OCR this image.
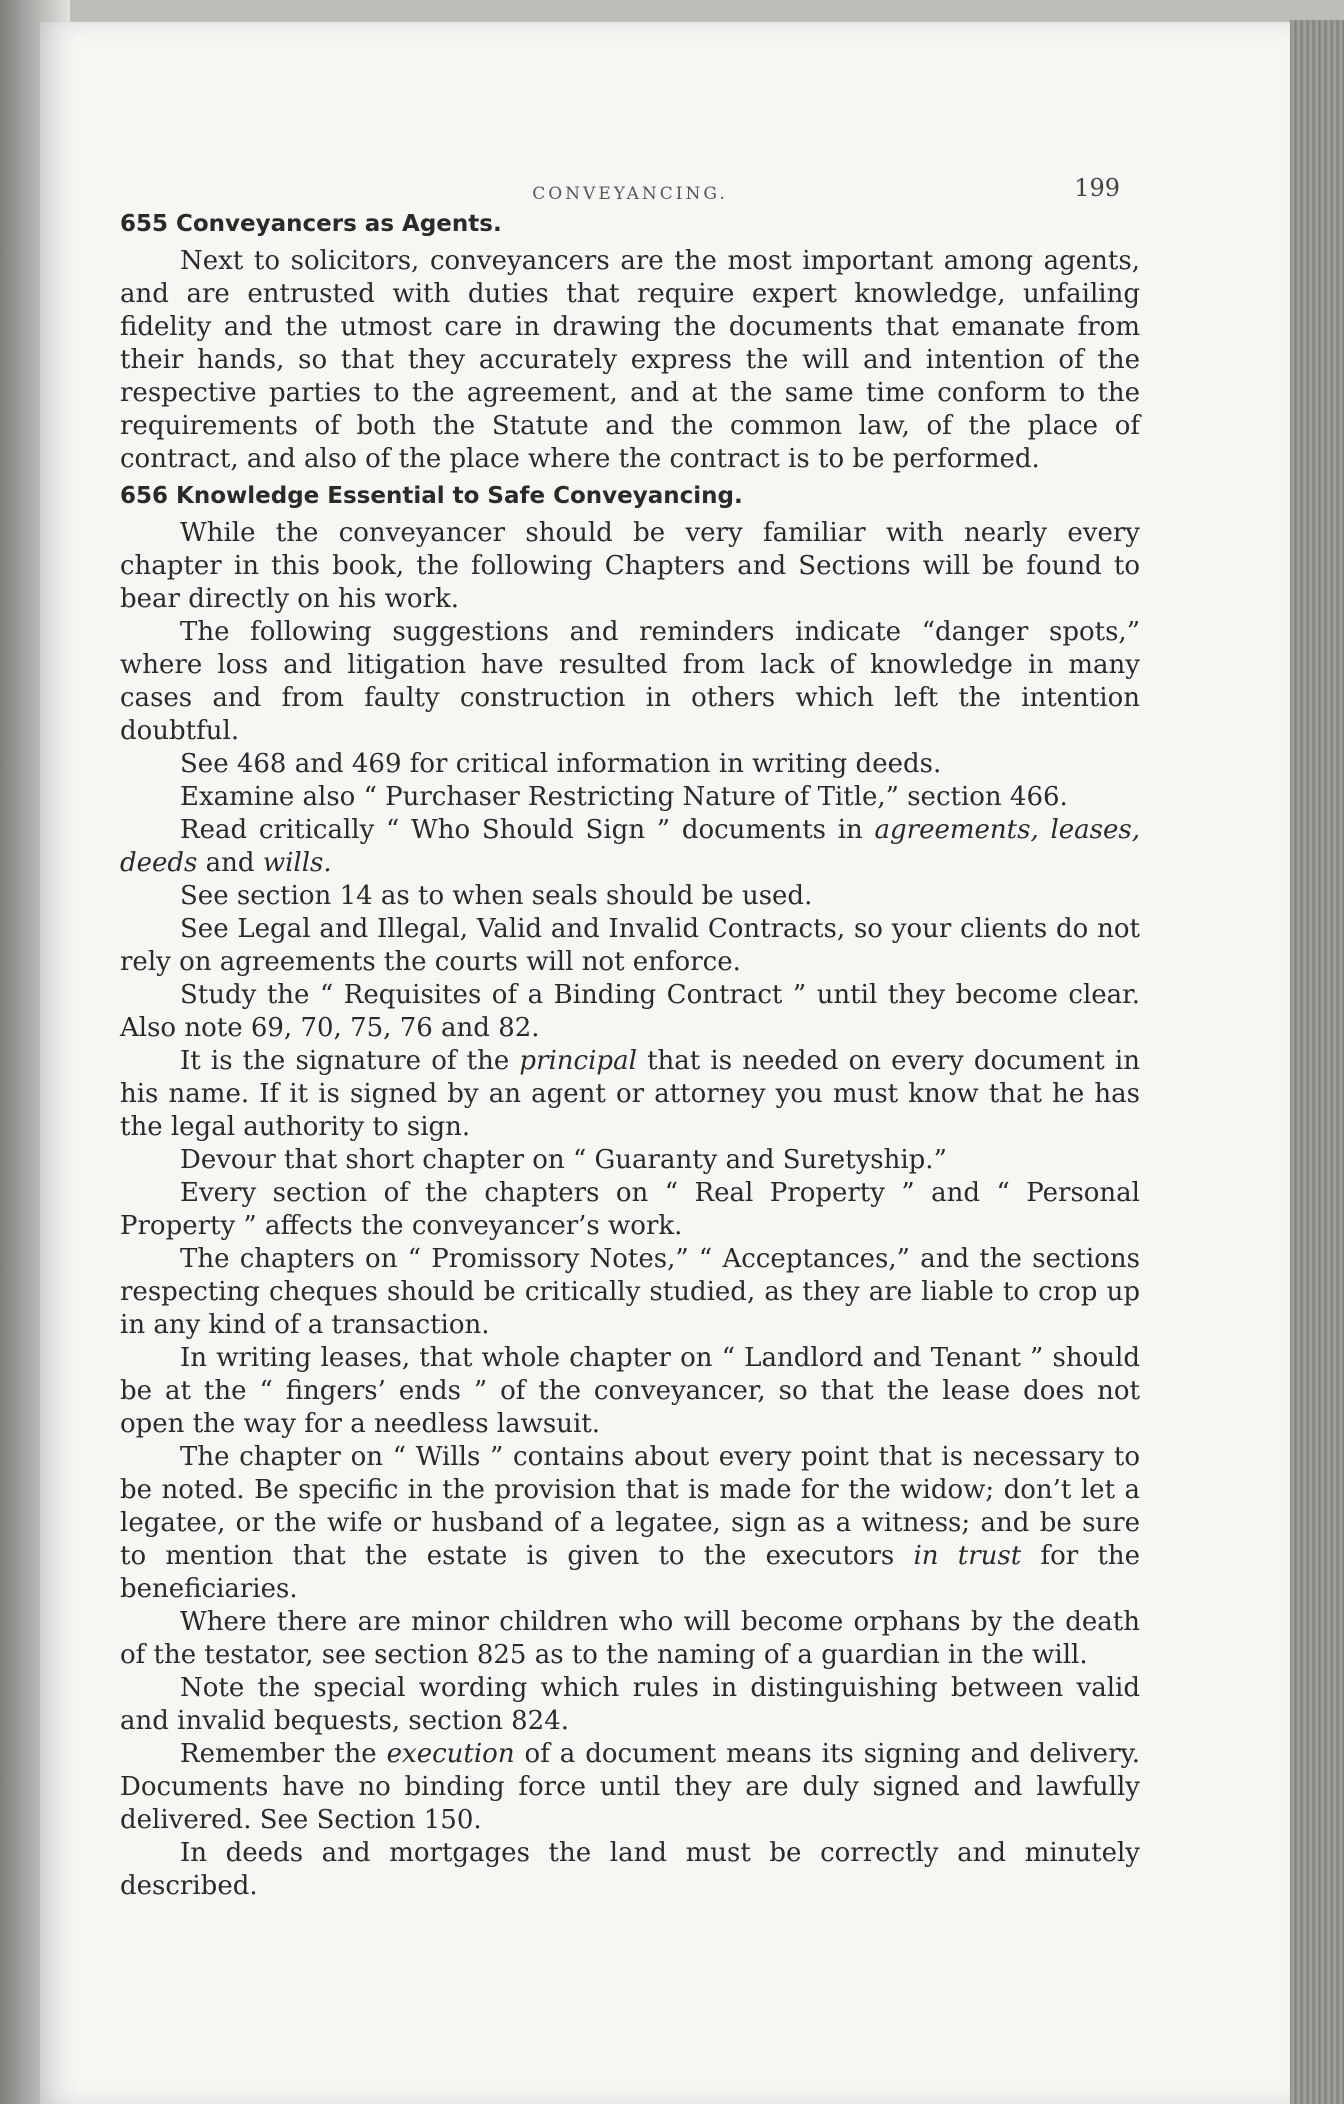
CONVEYANCING.	199
655 Conveyancers as Agents.

Next to solicitors, conveyancers are the most important among agents, and are entrusted with duties that require expert knowledge, unfailing fidelity and the utmost care in drawing the documents that emanate from their hands, so that they accurately express the will and intention of the respective parties to the agreement, and at the same time conform to the requirements of both the Statute and the common law, of the place of contract, and also of the place where the contract is to be performed.

656 Knowledge Essential to Safe Conveyancing.

While the conveyancer should be very familiar with nearly every chapter in this book, the following Chapters and Sections will be found to bear directly on his work.

The following suggestions and reminders indicate “danger spots,” where loss and litigation have resulted from lack of knowledge in many cases and from faulty construction in others which left the intention doubtful.

See 468 and 469 for critical information in writing deeds.

Examine also “ Purchaser Restricting Nature of Title,” section 466.

Read critically “ Who Should Sign ” documents in agreements, leases, deeds and wills.

See section 14 as to when seals should be used.

See Legal and Illegal, Valid and Invalid Contracts, so your clients do not rely on agreements the courts will not enforce.

Study the “ Requisites of a Binding Contract ” until they become clear. Also note 69, 70, 75, 76 and 82.

It is the signature of the principal that is needed on every document in his name. If it is signed by an agent or attorney you must know that he has the legal authority to sign.

Devour that short chapter on “ Guaranty and Suretyship.”

Every section of the chapters on “ Real Property ” and “ Personal Property ” affects the conveyancer’s work.

The chapters on “ Promissory Notes,” “ Acceptances,” and the sections respecting cheques should be critically studied, as they are liable to crop up in any kind of a transaction.

In writing leases, that whole chapter on “ Landlord and Tenant ” should be at the “ fingers’ ends ” of the conveyancer, so that the lease does not open the way for a needless lawsuit.

The chapter on “ Wills ” contains about every point that is necessary to be noted. Be specific in the provision that is made for the widow; don’t let a legatee, or the wife or husband of a legatee, sign as a witness; and be sure to mention that the estate is given to the executors in trust for the beneficiaries.

Where there are minor children who will become orphans by the death of the testator, see section 825 as to the naming of a guardian in the will.

Note the special wording which rules in distinguishing between valid and invalid bequests, section 824.

Remember the execution of a document means its signing and delivery. Documents have no binding force until they are duly signed and lawfully delivered. See Section 150.

In deeds and mortgages the land must be correctly and minutely described.
